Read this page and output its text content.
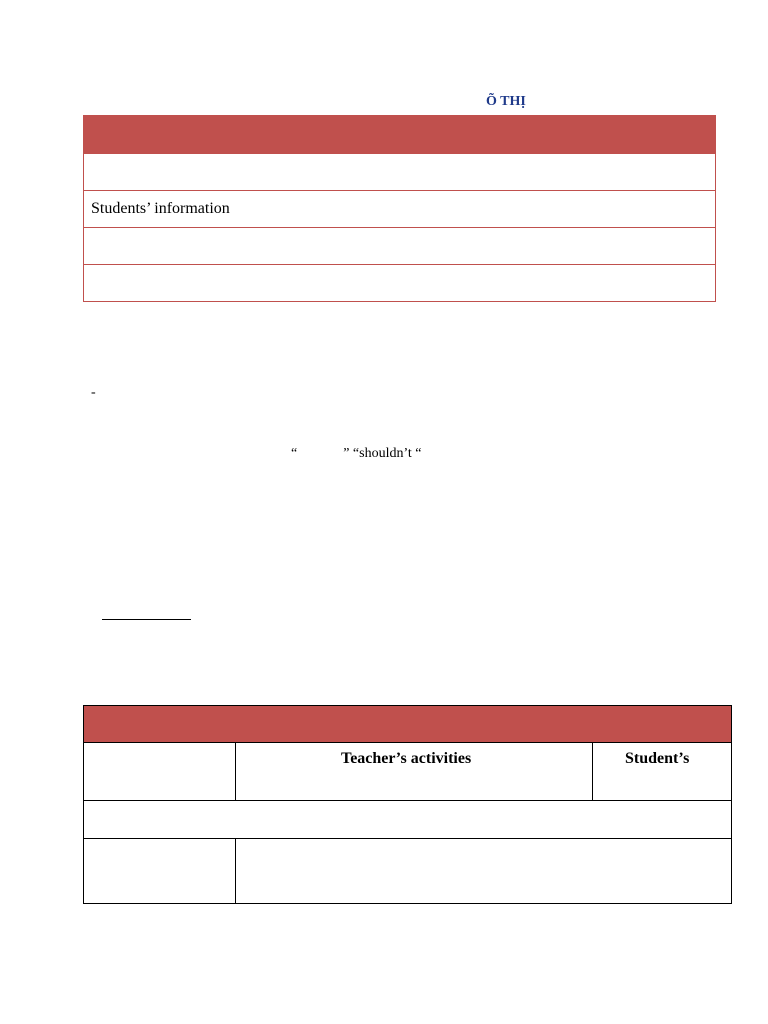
Õ THỊ
Students’ information
-
“	” “shouldn’t “
Teacher’s activities	Student’s
